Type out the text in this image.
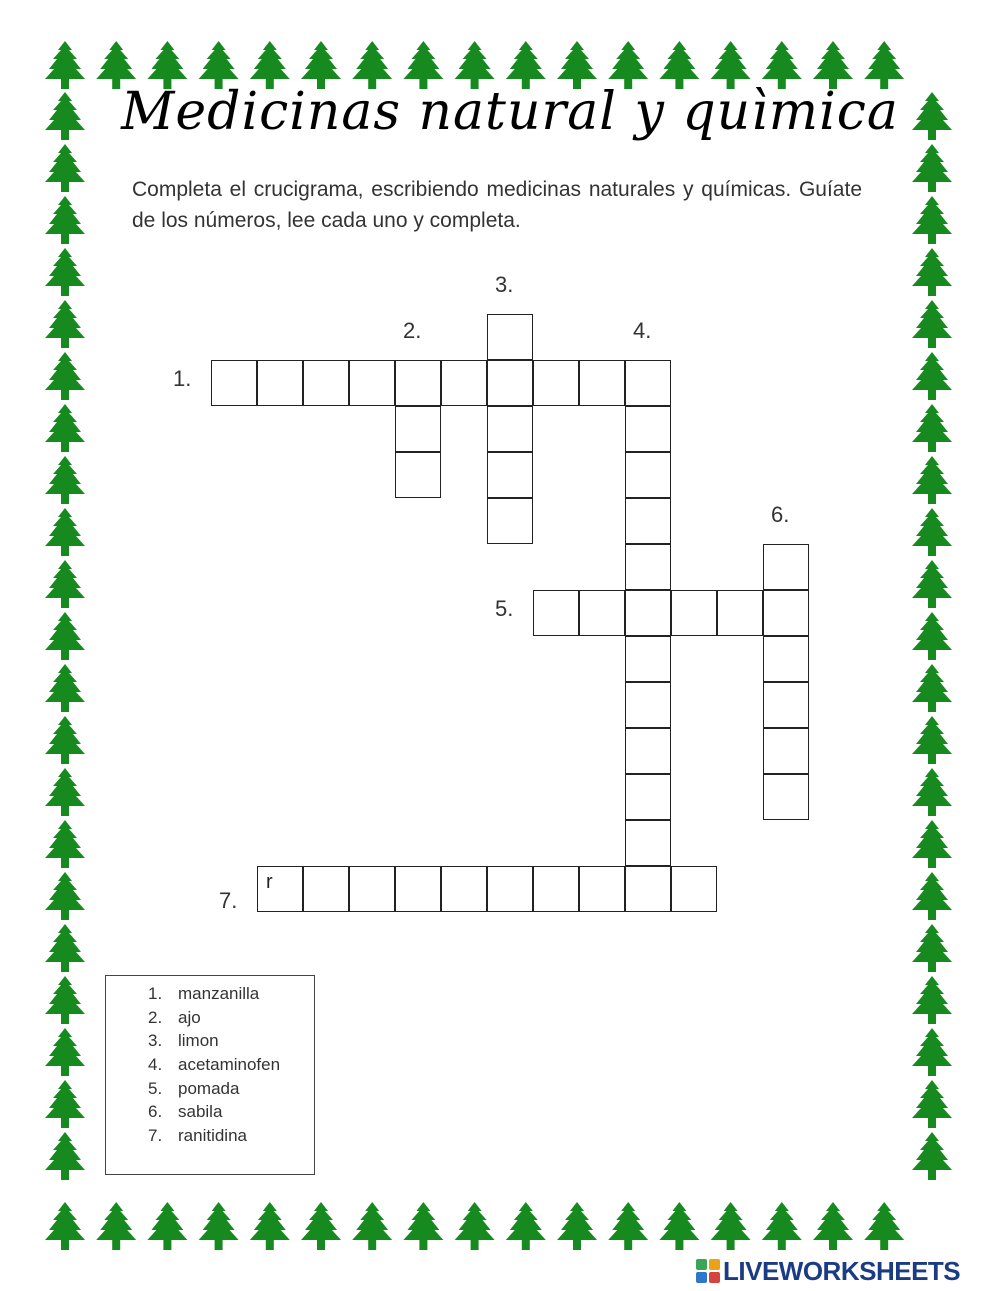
Medicinas natural y quìmica
Completa el crucigrama, escribiendo medicinas naturales y químicas. Guíate de los números, lee cada uno y completa.
r
1.
2.
3.
4.
5.
6.
7.
1. manzanilla
2. ajo
3. limon
4. acetaminofen
5. pomada
6. sabila
7. ranitidina
LIVEWORKSHEETS
